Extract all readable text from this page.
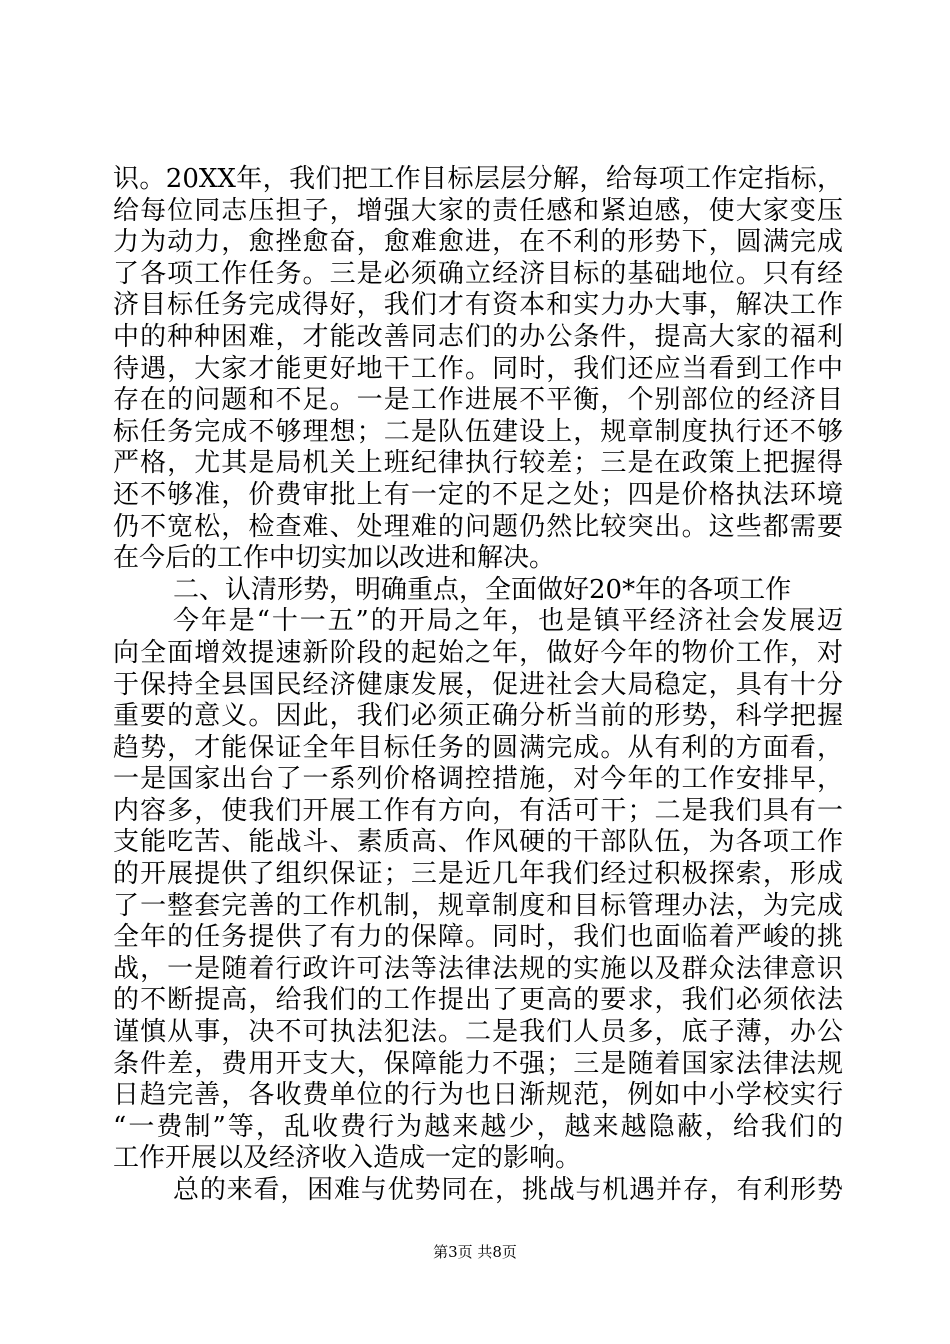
识。20XX年，我们把工作目标层层分解，给每项工作定指标，
给每位同志压担子，增强大家的责任感和紧迫感，使大家变压
力为动力，愈挫愈奋，愈难愈进，在不利的形势下，圆满完成
了各项工作任务。三是必须确立经济目标的基础地位。只有经
济目标任务完成得好，我们才有资本和实力办大事，解决工作
中的种种困难，才能改善同志们的办公条件，提高大家的福利
待遇，大家才能更好地干工作。同时，我们还应当看到工作中
存在的问题和不足。一是工作进展不平衡，个别部位的经济目
标任务完成不够理想；二是队伍建设上，规章制度执行还不够
严格，尤其是局机关上班纪律执行较差；三是在政策上把握得
还不够准，价费审批上有一定的不足之处；四是价格执法环境
仍不宽松，检查难、处理难的问题仍然比较突出。这些都需要
在今后的工作中切实加以改进和解决。
二、认清形势，明确重点，全面做好20*年的各项工作
今年是“十一五”的开局之年，也是镇平经济社会发展迈
向全面增效提速新阶段的起始之年，做好今年的物价工作，对
于保持全县国民经济健康发展，促进社会大局稳定，具有十分
重要的意义。因此，我们必须正确分析当前的形势，科学把握
趋势，才能保证全年目标任务的圆满完成。从有利的方面看，
一是国家出台了一系列价格调控措施，对今年的工作安排早，
内容多，使我们开展工作有方向，有活可干；二是我们具有一
支能吃苦、能战斗、素质高、作风硬的干部队伍，为各项工作
的开展提供了组织保证；三是近几年我们经过积极探索，形成
了一整套完善的工作机制，规章制度和目标管理办法，为完成
全年的任务提供了有力的保障。同时，我们也面临着严峻的挑
战，一是随着行政许可法等法律法规的实施以及群众法律意识
的不断提高，给我们的工作提出了更高的要求，我们必须依法
谨慎从事，决不可执法犯法。二是我们人员多，底子薄，办公
条件差，费用开支大，保障能力不强；三是随着国家法律法规
日趋完善，各收费单位的行为也日渐规范，例如中小学校实行
“一费制”等，乱收费行为越来越少，越来越隐蔽，给我们的
工作开展以及经济收入造成一定的影响。
总的来看，困难与优势同在，挑战与机遇并存，有利形势
第3页 共8页
